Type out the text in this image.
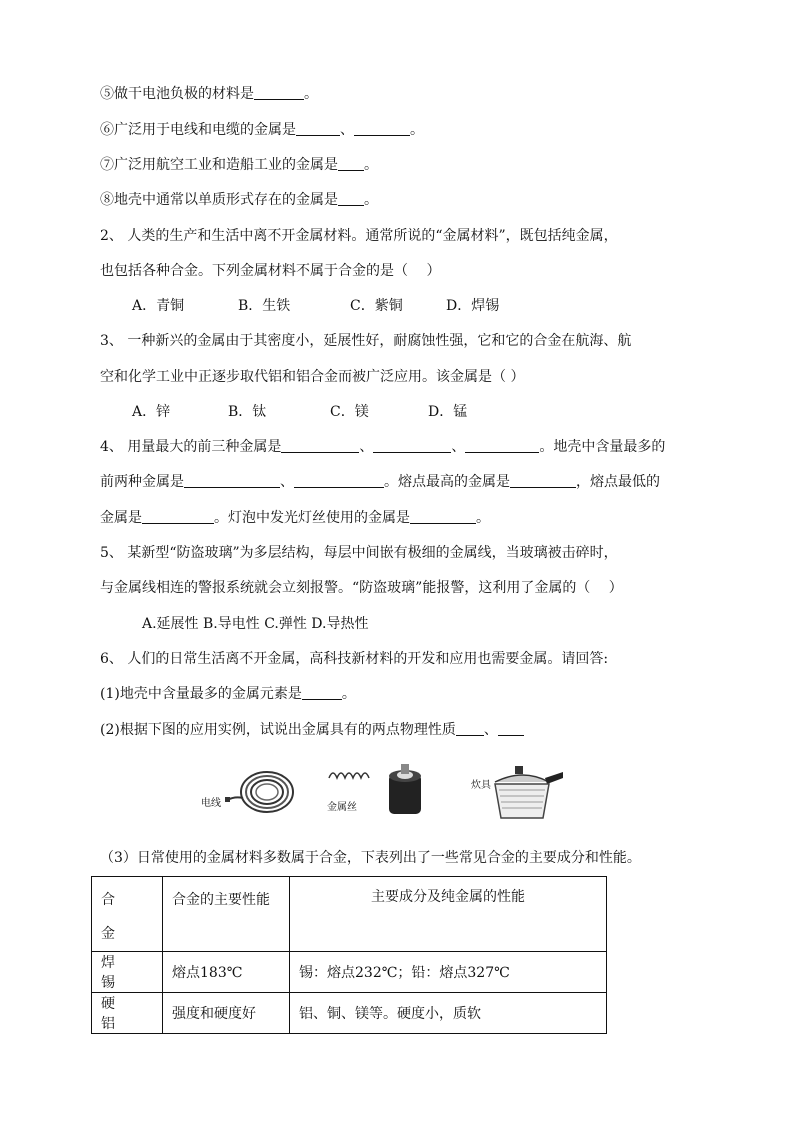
⑤做干电池负极的材料是	。
⑥广泛用于电线和电缆的金属是	、	。
⑦广泛用航空工业和造船工业的金属是 。
⑧地壳中通常以单质形式存在的金属是 。
2、 人类的生产和生活中离不开金属材料。通常所说的“金属材料”，既包括纯金属，
也包括各种合金。下列金属材料不属于合金的是（　 ）
A．青铜	B．生铁	C．紫铜	D．焊锡
3、 一种新兴的金属由于其密度小，延展性好，耐腐蚀性强，它和它的合金在航海、航
空和化学工业中正逐步取代铝和铝合金而被广泛应用。该金属是（ ）
A．锌	B．钛	C．镁	D．锰
4、 用量最大的前三种金属是	、	、	。地壳中含量最多的
前两种金属是	、	。熔点最高的金属是	，熔点最低的
金属是	。灯泡中发光灯丝使用的金属是	。
5、 某新型“防盗玻璃”为多层结构，每层中间嵌有极细的金属线，当玻璃被击碎时，
与金属线相连的警报系统就会立刻报警。“防盗玻璃”能报警，这利用了金属的（　 ）
A.延展性 B.导电性 C.弹性 D.导热性
6、 人们的日常生活离不开金属，高科技新材料的开发和应用也需要金属。请回答:
(1)地壳中含量最多的金属元素是	。
(2)根据下图的应用实例，试说出金属具有的两点物理性质 、
电线	金属丝
炊具
（3）日常使用的金属材料多数属于合金，下表列出了一些常见合金的主要成分和性能。
合　金	合金的主要性能	主要成分及纯金属的性能
焊　锡	熔点183℃	锡：熔点232℃；铅：熔点327℃
硬　铝	强度和硬度好	铝、铜、镁等。硬度小，质软
